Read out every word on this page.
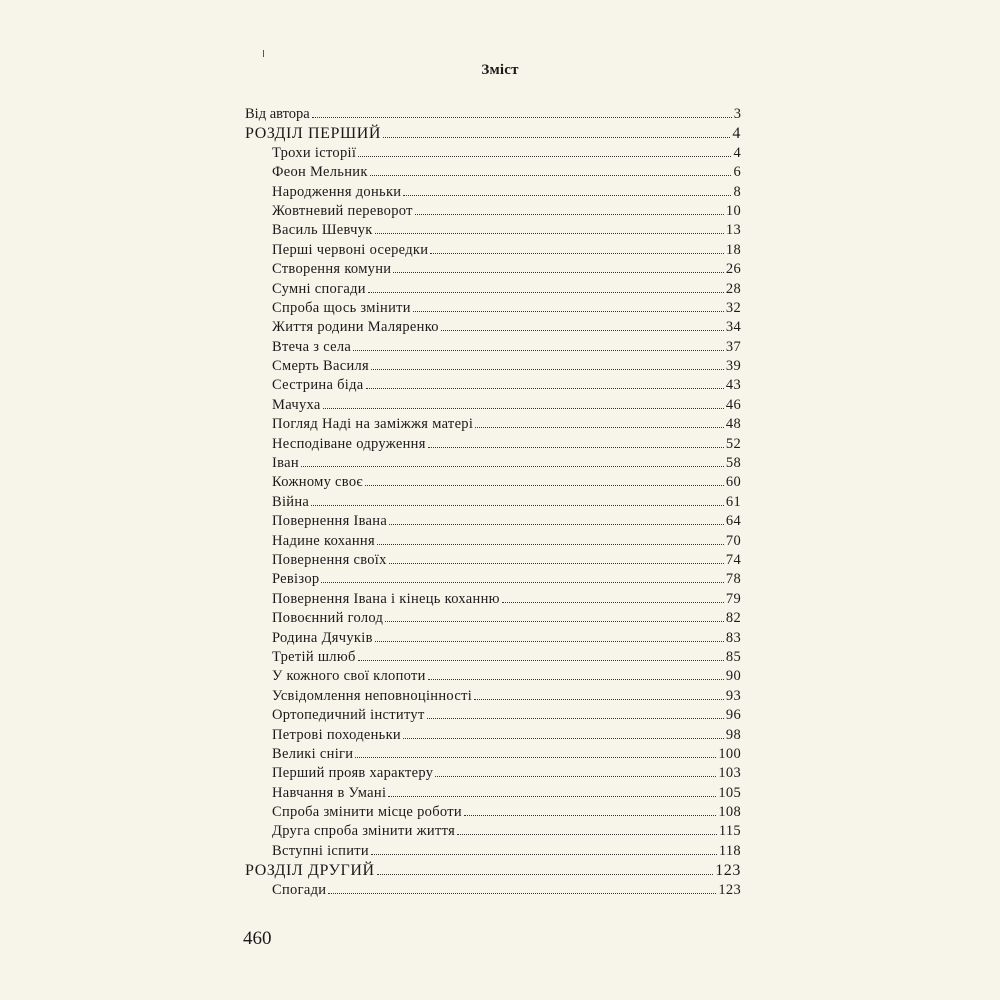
Зміст
Від автора	3
РОЗДІЛ ПЕРШИЙ	4
Трохи історії	4
Феон Мельник	6
Народження доньки	8
Жовтневий переворот	10
Василь Шевчук	13
Перші червоні осередки	18
Створення комуни	26
Сумні спогади	28
Спроба щось змінити	32
Життя родини Маляренко	34
Втеча з села	37
Смерть Василя	39
Сестрина біда	43
Мачуха	46
Погляд Наді на заміжжя матері	48
Несподіване одруження	52
Іван	58
Кожному своє	60
Війна	61
Повернення Івана	64
Надине кохання	70
Повернення своїх	74
Ревізор	78
Повернення Івана і кінець коханню	79
Повоєнний голод	82
Родина Дячуків	83
Третій шлюб	85
У кожного свої клопоти	90
Усвідомлення неповноцінності	93
Ортопедичний інститут	96
Петрові походеньки	98
Великі сніги	100
Перший прояв характеру	103
Навчання в Умані	105
Спроба змінити місце роботи	108
Друга спроба змінити життя	115
Вступні іспити	118
РОЗДІЛ ДРУГИЙ	123
Спогади	123
460
